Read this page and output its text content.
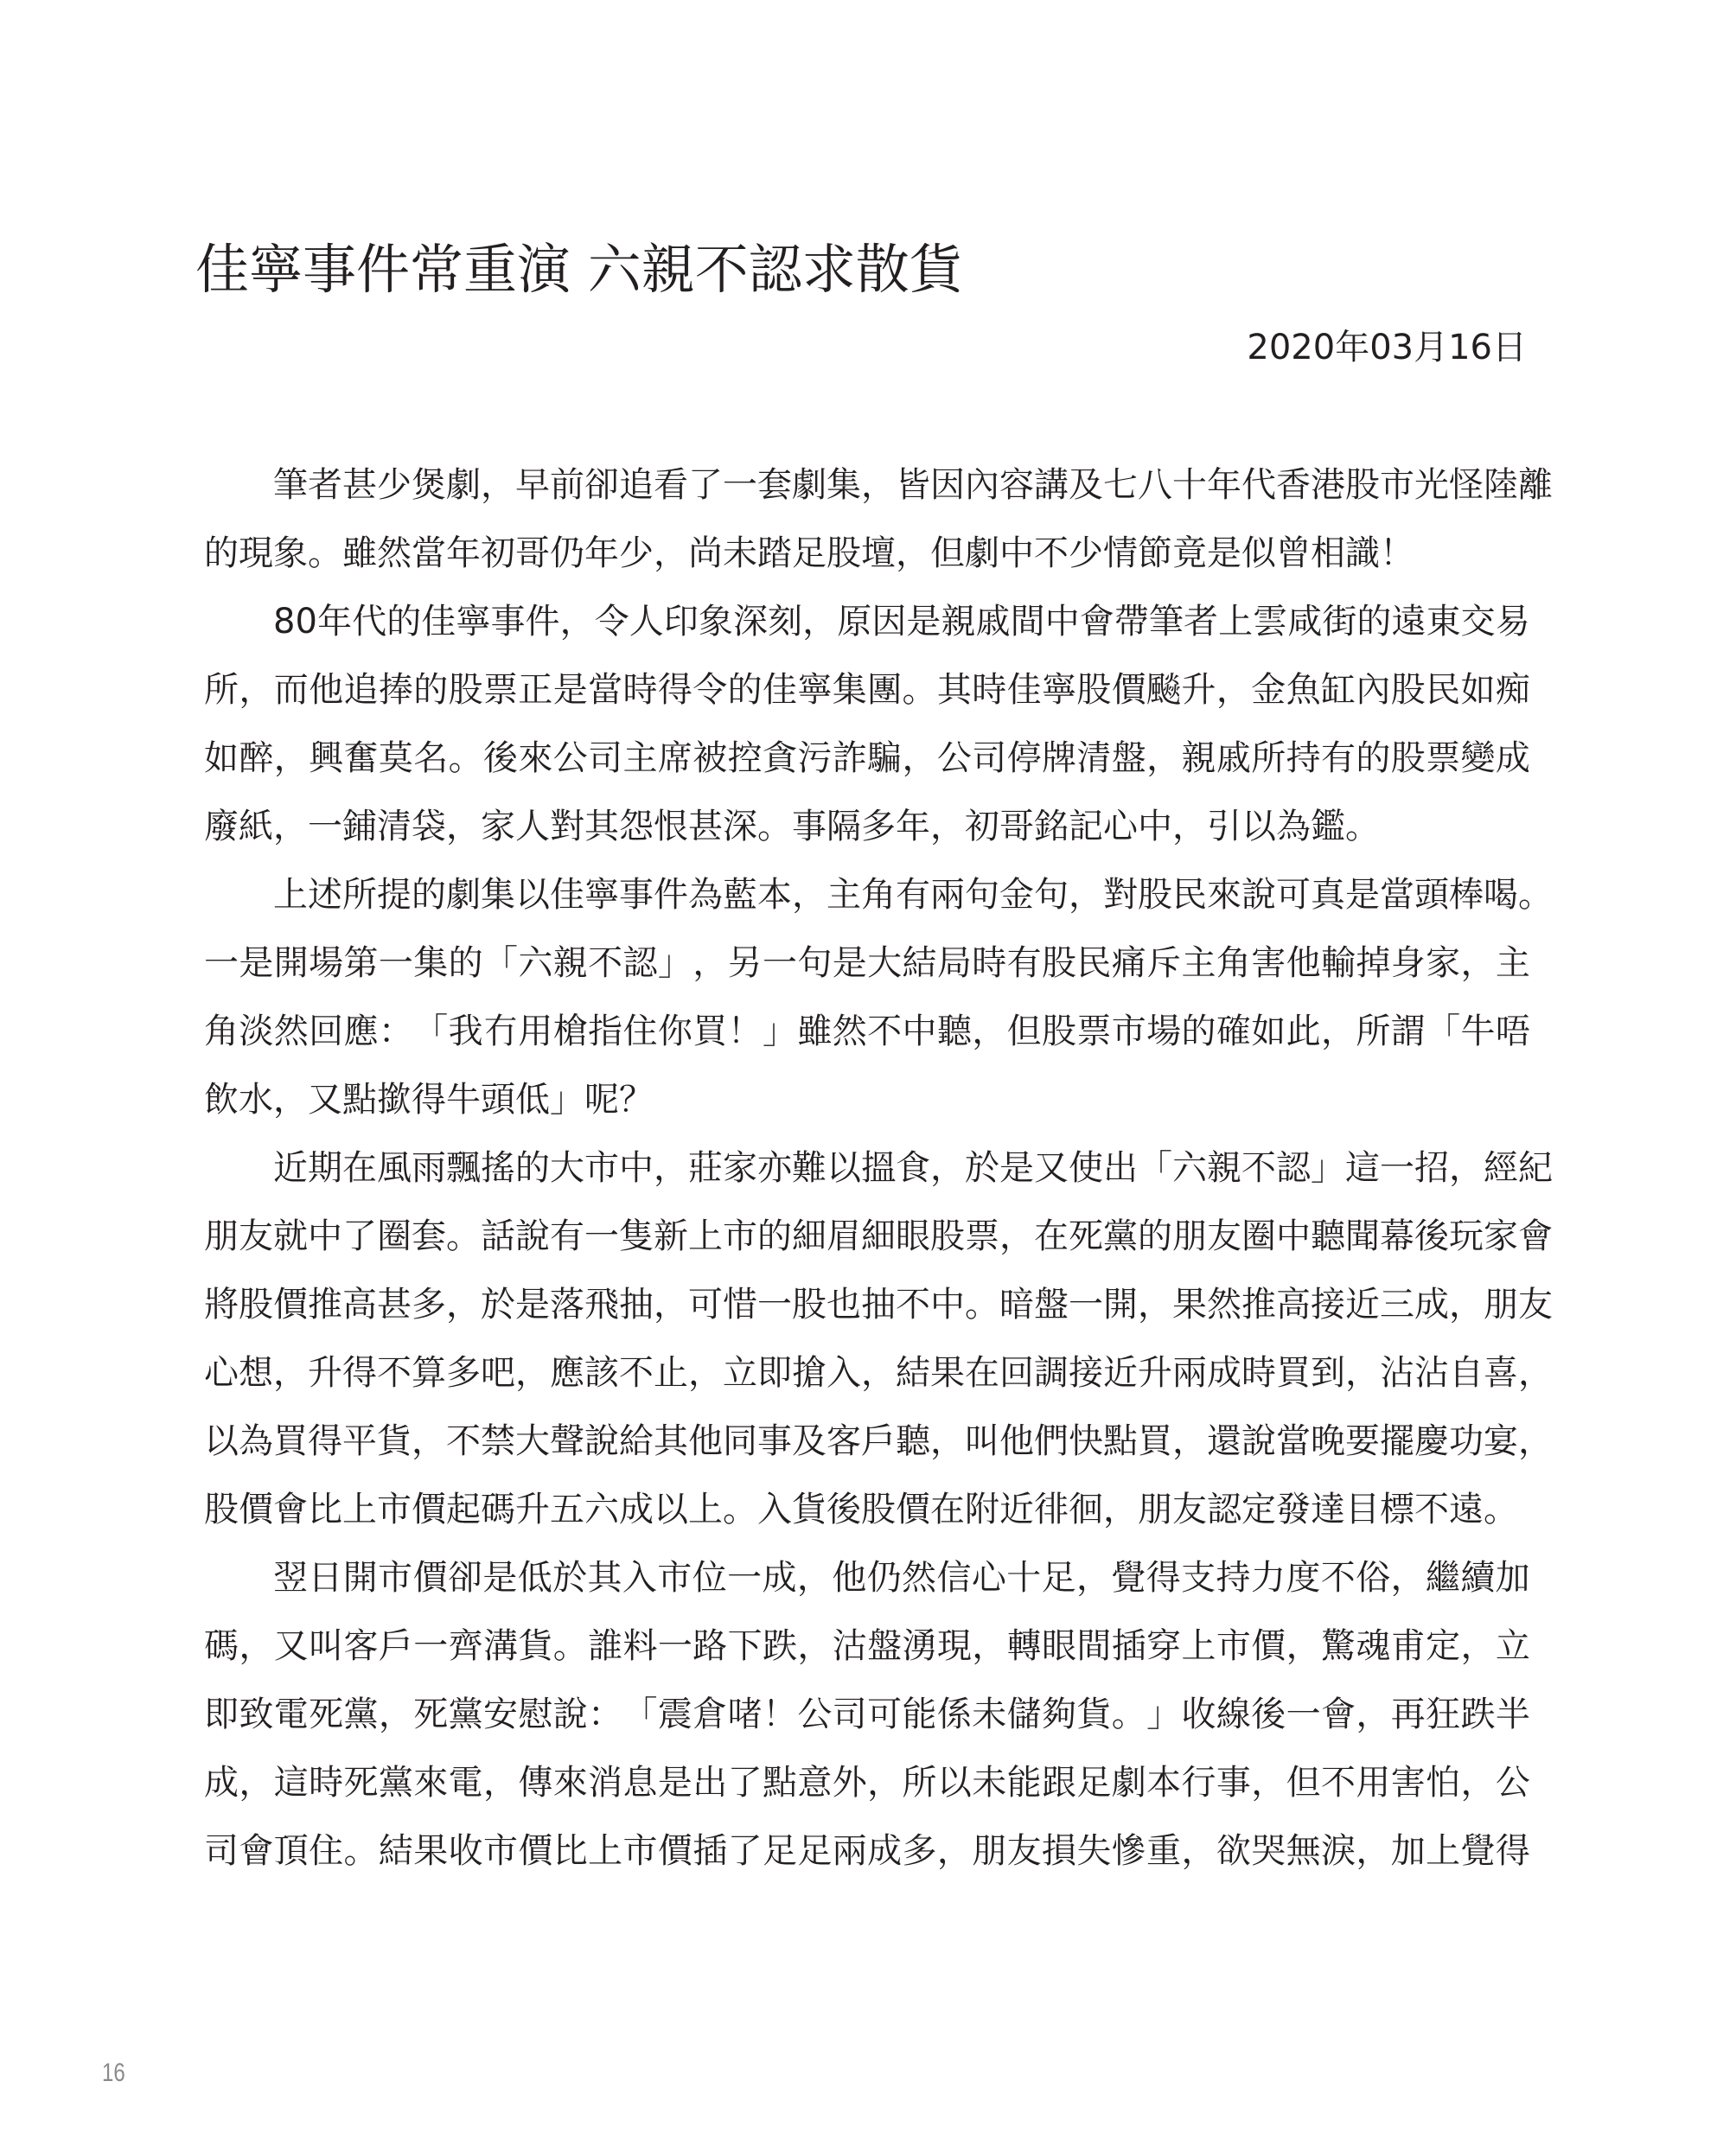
佳寧事件常重演 六親不認求散貨
2020年03月16日
筆 者 甚 少 煲 劇 ， 早 前 卻 追 看 了 一 套 劇 集 ， 皆 因 內 容 講 及 七 八 十 年 代 香 港 股 市 光 怪 陸 離
的現象。雖然當年初哥仍年少，尚未踏足股壇，但劇中不少情節竟是似曾相識！
8 0 年 代 的 佳 寧 事 件 ， 令 人 印 象 深 刻 ， 原 因 是 親 戚 間 中 會 帶 筆 者 上 雲 咸 街 的 遠 東 交 易
所 ， 而 他 追 捧 的 股 票 正 是 當 時 得 令 的 佳 寧 集 團 。 其 時 佳 寧 股 價 飈 升 ， 金 魚 缸 內 股 民 如 痴
如 醉 ， 興 奮 莫 名 。 後 來 公 司 主 席 被 控 貪 污 詐 騙 ， 公 司 停 牌 清 盤 ， 親 戚 所 持 有 的 股 票 變 成
廢紙，一鋪清袋，家人對其怨恨甚深。事隔多年，初哥銘記心中，引以為鑑。
上 述 所 提 的 劇 集 以 佳 寧 事 件 為 藍 本 ， 主 角 有 兩 句 金 句 ， 對 股 民 來 說 可 真 是 當 頭 棒 喝 。
一 是 開 場 第 一 集 的 「 六 親 不 認 」 ， 另 一 句 是 大 結 局 時 有 股 民 痛 斥 主 角 害 他 輸 掉 身 家 ， 主
角 淡 然 回 應 ： 「 我 冇 用 槍 指 住 你 買 ！ 」 雖 然 不 中 聽 ， 但 股 票 市 場 的 確 如 此 ， 所 謂 「 牛 唔
飲水，又點撳得牛頭低」呢？
近 期 在 風 雨 飄 搖 的 大 市 中 ， 莊 家 亦 難 以 搵 食 ， 於 是 又 使 出 「 六 親 不 認 」 這 一 招 ， 經 紀
朋 友 就 中 了 圈 套 。 話 說 有 一 隻 新 上 市 的 細 眉 細 眼 股 票 ， 在 死 黨 的 朋 友 圈 中 聽 聞 幕 後 玩 家 會
將 股 價 推 高 甚 多 ， 於 是 落 飛 抽 ， 可 惜 一 股 也 抽 不 中 。 暗 盤 一 開 ， 果 然 推 高 接 近 三 成 ， 朋 友
心 想 ， 升 得 不 算 多 吧 ， 應 該 不 止 ， 立 即 搶 入 ， 結 果 在 回 調 接 近 升 兩 成 時 買 到 ， 沾 沾 自 喜 ，
以 為 買 得 平 貨 ， 不 禁 大 聲 說 給 其 他 同 事 及 客 戶 聽 ， 叫 他 們 快 點 買 ， 還 說 當 晚 要 擺 慶 功 宴 ，
股價會比上市價起碼升五六成以上。入貨後股價在附近徘徊，朋友認定發達目標不遠。
翌 日 開 市 價 卻 是 低 於 其 入 市 位 一 成 ， 他 仍 然 信 心 十 足 ， 覺 得 支 持 力 度 不 俗 ， 繼 續 加
碼 ， 又 叫 客 戶 一 齊 溝 貨 。 誰 料 一 路 下 跌 ， 沽 盤 湧 現 ， 轉 眼 間 插 穿 上 市 價 ， 驚 魂 甫 定 ， 立
即 致 電 死 黨 ， 死 黨 安 慰 說 ： 「 震 倉 啫 ！ 公 司 可 能 係 未 儲 夠 貨 。 」 收 線 後 一 會 ， 再 狂 跌 半
成 ， 這 時 死 黨 來 電 ， 傳 來 消 息 是 出 了 點 意 外 ， 所 以 未 能 跟 足 劇 本 行 事 ， 但 不 用 害 怕 ， 公
司 會 頂 住 。 結 果 收 市 價 比 上 市 價 插 了 足 足 兩 成 多 ， 朋 友 損 失 慘 重 ， 欲 哭 無 淚 ， 加 上 覺 得
16
